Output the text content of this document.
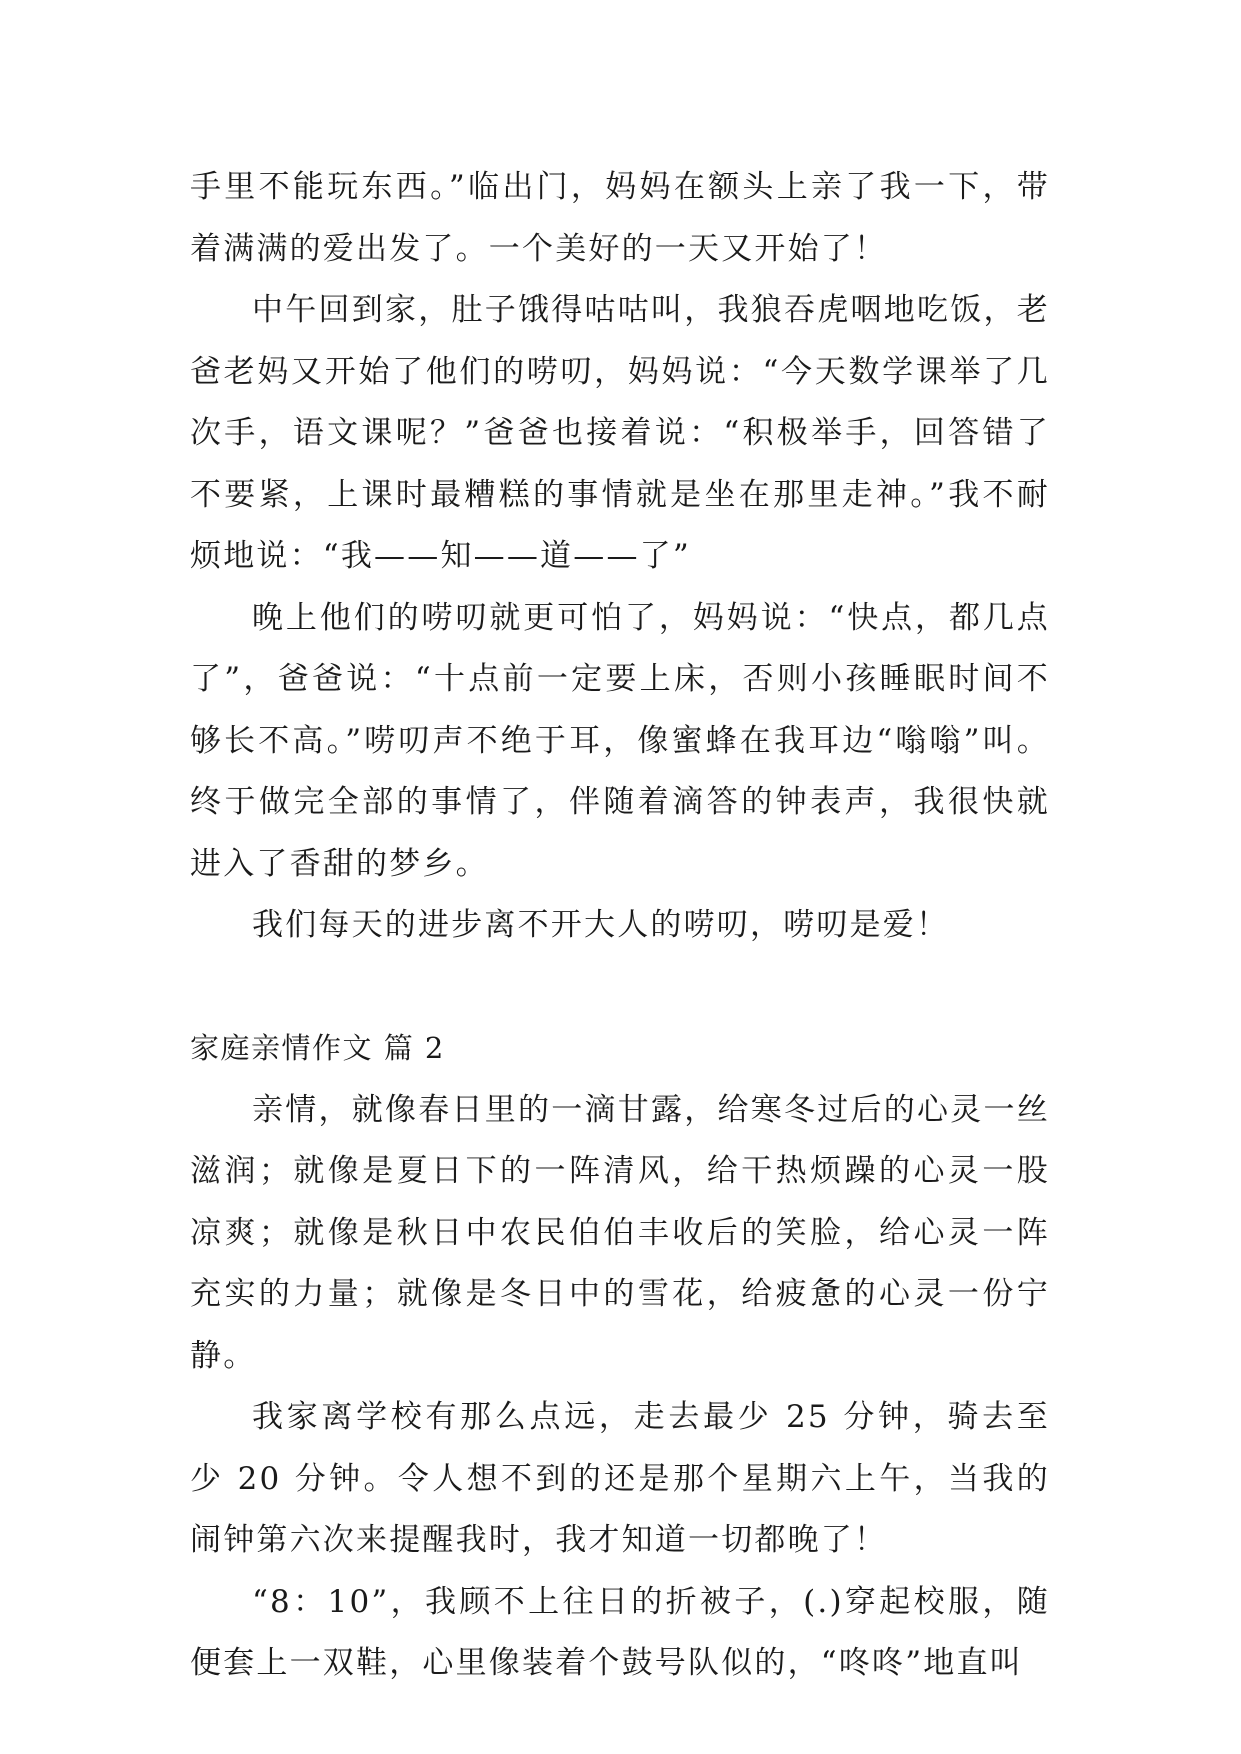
手里不能玩东西。”临出门，妈妈在额头上亲了我一下，带着满满的爱出发了。一个美好的一天又开始了！

中午回到家，肚子饿得咕咕叫，我狼吞虎咽地吃饭，老爸老妈又开始了他们的唠叨，妈妈说：“今天数学课举了几次手，语文课呢？”爸爸也接着说：“积极举手，回答错了不要紧，上课时最糟糕的事情就是坐在那里走神。”我不耐烦地说：“我——知——道——了”

晚上他们的唠叨就更可怕了，妈妈说：“快点，都几点了”，爸爸说：“十点前一定要上床，否则小孩睡眠时间不够长不高。”唠叨声不绝于耳，像蜜蜂在我耳边“嗡嗡”叫。终于做完全部的事情了，伴随着滴答的钟表声，我很快就进入了香甜的梦乡。

我们每天的进步离不开大人的唠叨，唠叨是爱！

家庭亲情作文 篇 2

亲情，就像春日里的一滴甘露，给寒冬过后的心灵一丝滋润；就像是夏日下的一阵清风，给干热烦躁的心灵一股凉爽；就像是秋日中农民伯伯丰收后的笑脸，给心灵一阵充实的力量；就像是冬日中的雪花，给疲惫的心灵一份宁静。

我家离学校有那么点远，走去最少 25 分钟，骑去至少 20 分钟。令人想不到的还是那个星期六上午，当我的闹钟第六次来提醒我时，我才知道一切都晚了！

“8：10”，我顾不上往日的折被子，(.)穿起校服，随便套上一双鞋，心里像装着个鼓号队似的，“咚咚”地直叫
